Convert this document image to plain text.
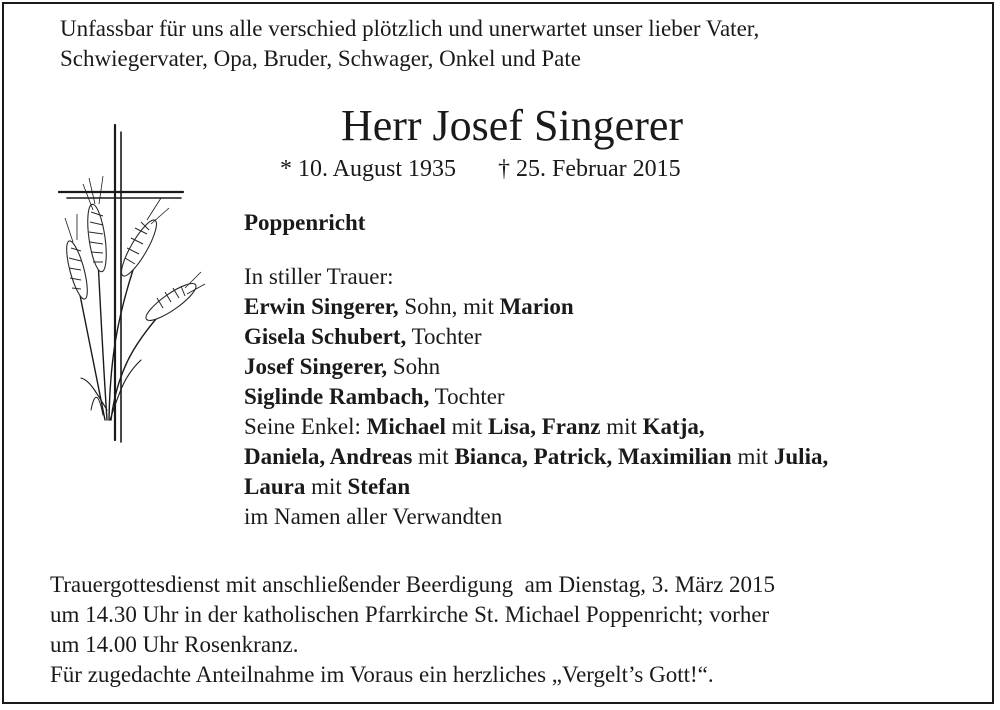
Unfassbar für uns alle verschied plötzlich und unerwartet unser lieber Vater,
Schwiegervater, Opa, Bruder, Schwager, Onkel und Pate
Herr Josef Singerer
* 10. August 1935 † 25. Februar 2015
Poppenricht
In stiller Trauer:
Erwin Singerer, Sohn, mit Marion
Gisela Schubert, Tochter
Josef Singerer, Sohn
Siglinde Rambach, Tochter
Seine Enkel: Michael mit Lisa, Franz mit Katja,
Daniela, Andreas mit Bianca, Patrick, Maximilian mit Julia,
Laura mit Stefan
im Namen aller Verwandten
Trauergottesdienst mit anschließender Beerdigung  am Dienstag, 3. März 2015
um 14.30 Uhr in der katholischen Pfarrkirche St. Michael Poppenricht; vorher
um 14.00 Uhr Rosenkranz.
Für zugedachte Anteilnahme im Voraus ein herzliches „Vergelt’s Gott!“.
